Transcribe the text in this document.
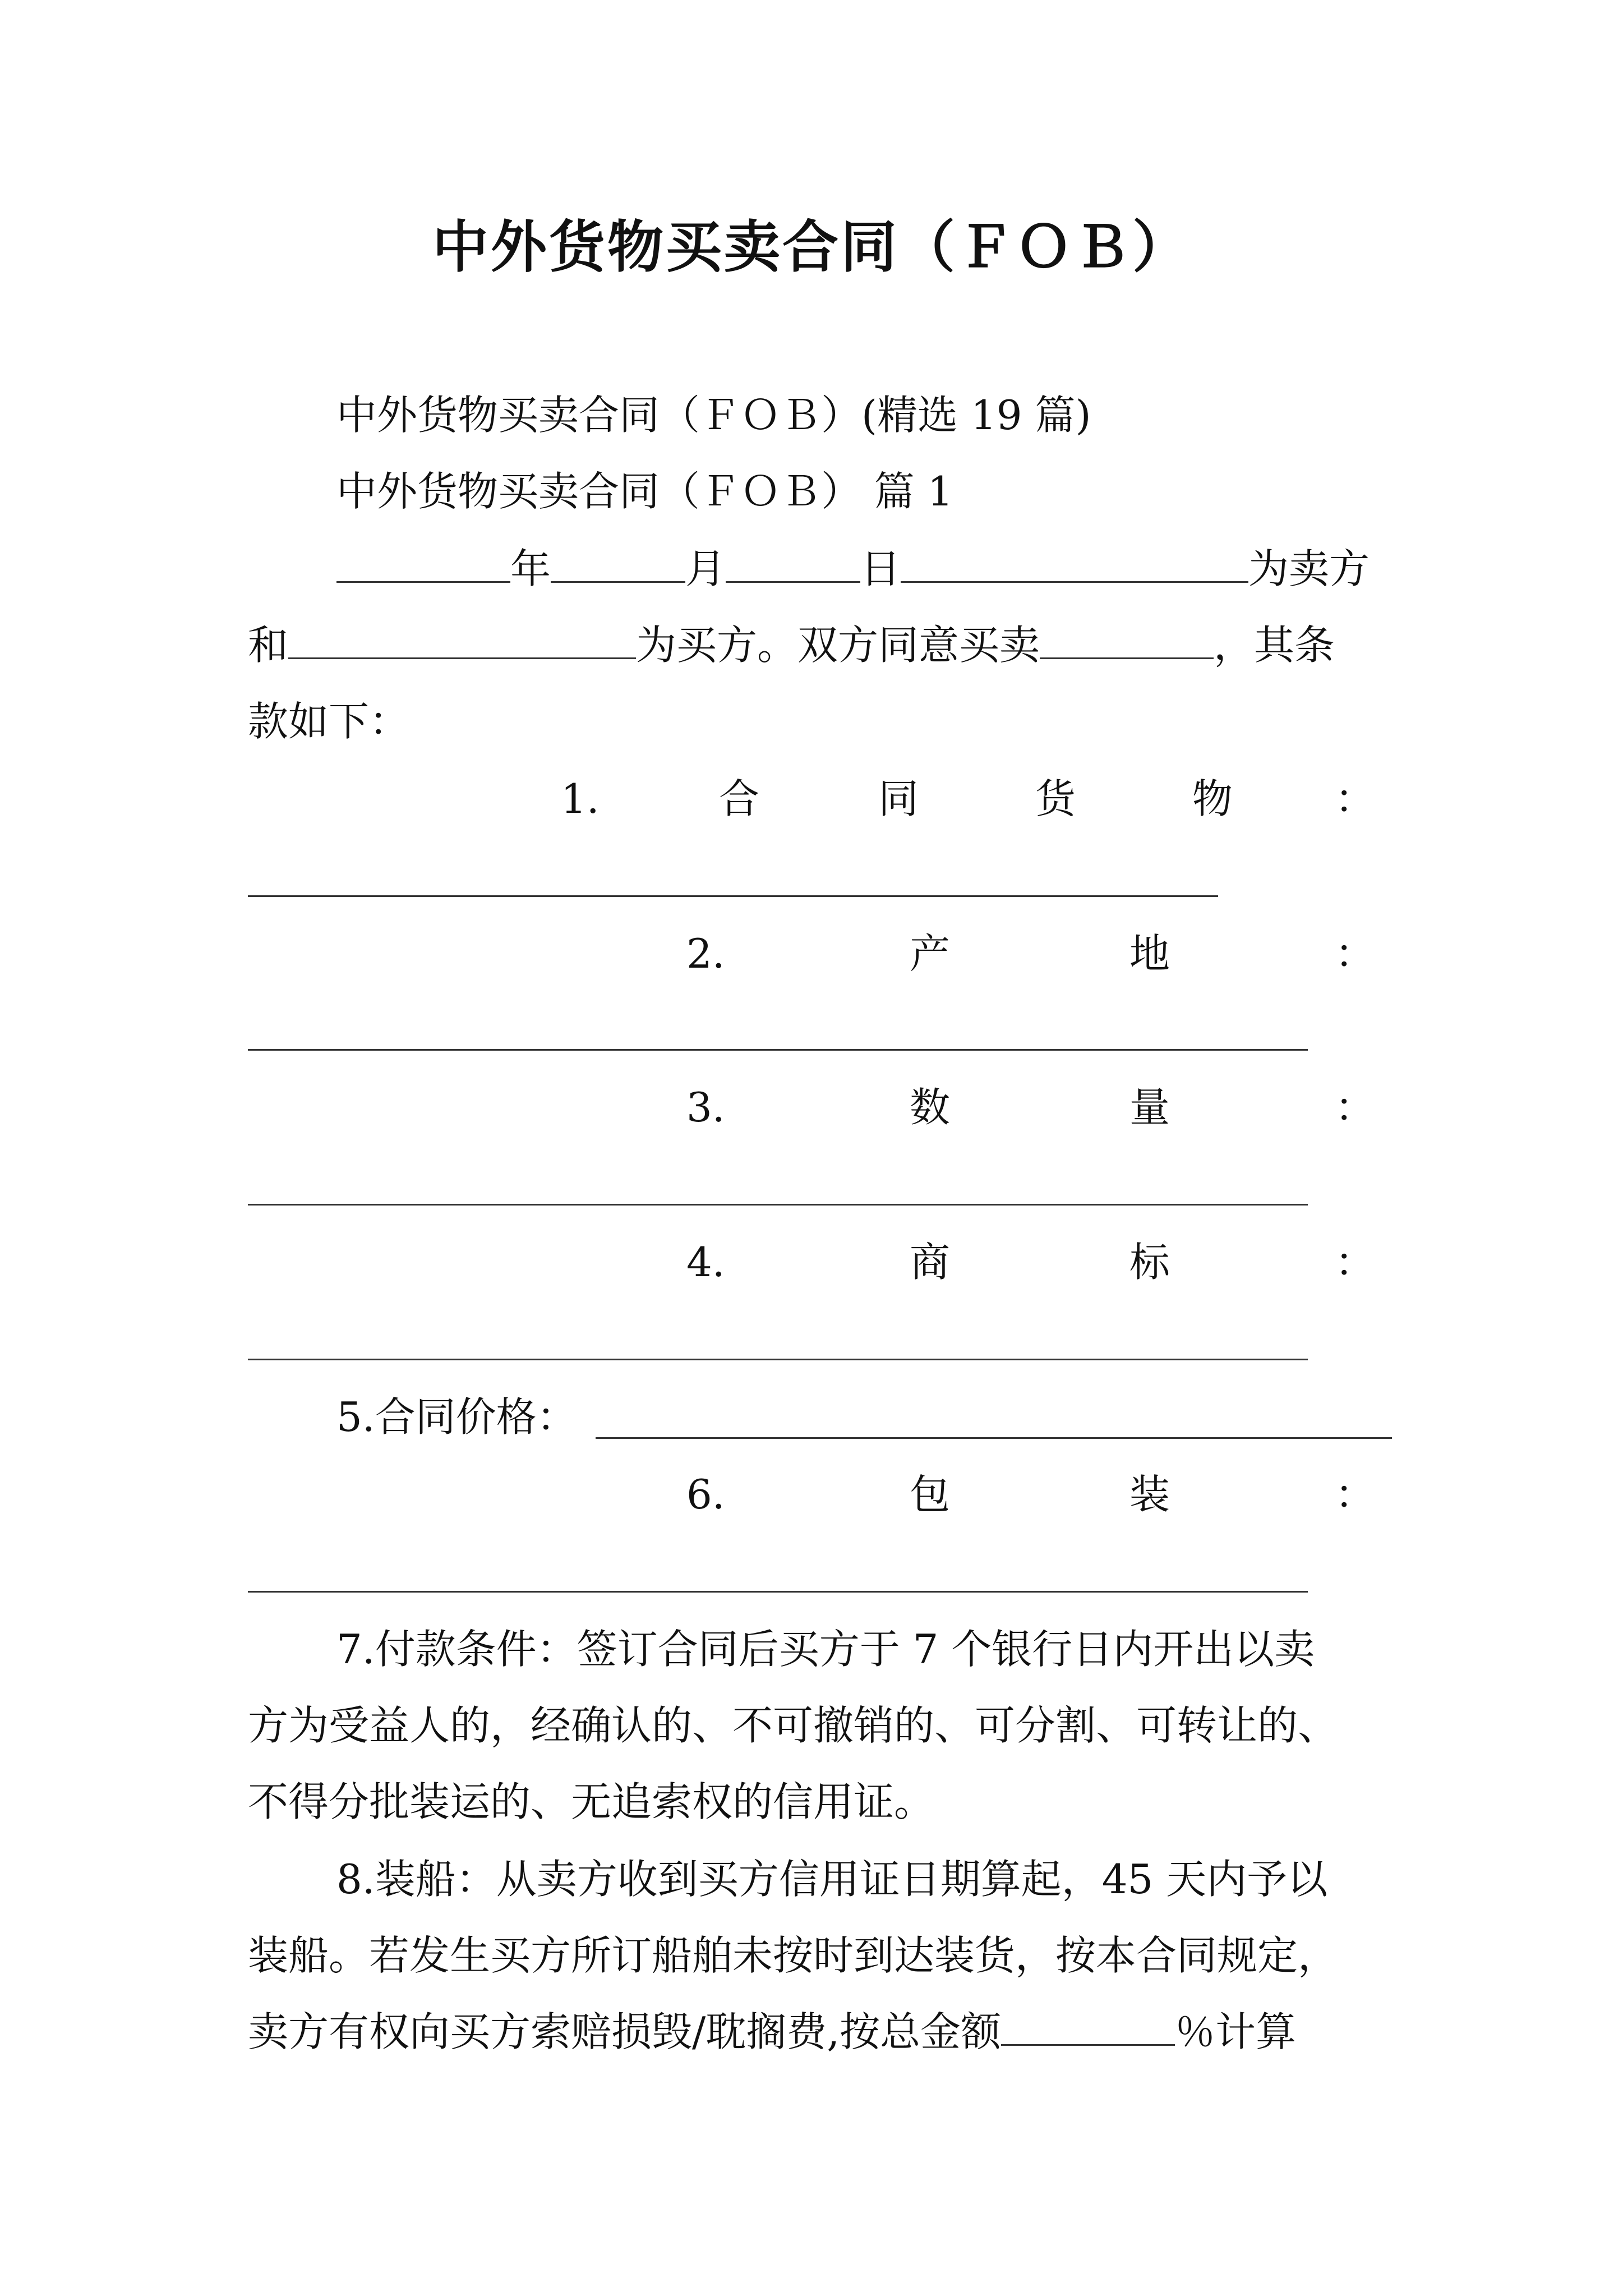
中外货物买卖合同（ＦＯＢ）
中外货物买卖合同（ＦＯＢ）(精选 19 篇)
中外货物买卖合同（ＦＯＢ） 篇 1
年	月	日	为卖方
和	为买方。双方同意买卖	，其条
款如下：
1.	合	同	货	物	：
2.	产	地	：
3.	数	量	：
4.	商	标	：
5.合同价格：
6.	包	装	：
7.付款条件：签订合同后买方于 7 个银行日内开出以卖
方为受益人的，经确认的、不可撤销的、可分割、可转让的、
不得分批装运的、无追索权的信用证。
8.装船：从卖方收到买方信用证日期算起，45 天内予以
装船。若发生买方所订船舶未按时到达装货，按本合同规定，
卖方有权向买方索赔损毁/耽搁费,按总金额	％计算
